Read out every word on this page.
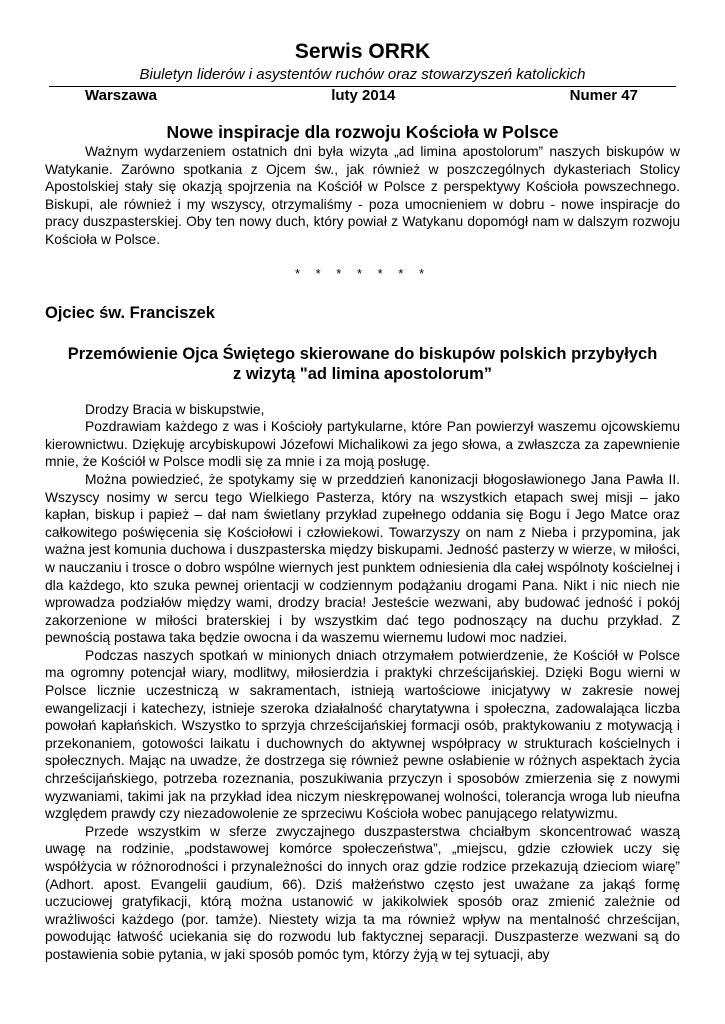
Serwis ORRK
Biuletyn liderów i asystentów ruchów oraz stowarzyszeń katolickich
Warszawa	luty 2014	Numer 47
Nowe inspiracje dla rozwoju Kościoła w Polsce

Ważnym wydarzeniem ostatnich dni była wizyta „ad limina apostolorum” naszych biskupów w Watykanie. Zarówno spotkania z Ojcem św., jak również w poszczególnych dykasteriach Stolicy Apostolskiej stały się okazją spojrzenia na Kościół w Polsce z perspektywy Kościoła powszechnego. Biskupi, ale również i my wszyscy, otrzymaliśmy - poza umocnieniem w dobru - nowe inspiracje do pracy duszpasterskiej. Oby ten nowy duch, który powiał z Watykanu dopomógł nam w dalszym rozwoju Kościoła w Polsce.

* * * * * * *
Ojciec św. Franciszek
Przemówienie Ojca Świętego skierowane do biskupów polskich przybyłych
z wizytą "ad limina apostolorum”

Drodzy Bracia w biskupstwie,

Pozdrawiam każdego z was i Kościoły partykularne, które Pan powierzył waszemu ojcowskiemu kierownictwu. Dziękuję arcybiskupowi Józefowi Michalikowi za jego słowa, a zwłaszcza za zapewnienie mnie, że Kościół w Polsce modli się za mnie i za moją posługę.

Można powiedzieć, że spotykamy się w przeddzień kanonizacji błogosławionego Jana Pawła II. Wszyscy nosimy w sercu tego Wielkiego Pasterza, który na wszystkich etapach swej misji – jako kapłan, biskup i papież – dał nam świetlany przykład zupełnego oddania się Bogu i Jego Matce oraz całkowitego poświęcenia się Kościołowi i człowiekowi. Towarzyszy on nam z Nieba i przypomina, jak ważna jest komunia duchowa i duszpasterska między biskupami. Jedność pasterzy w wierze, w miłości, w nauczaniu i trosce o dobro wspólne wiernych jest punktem odniesienia dla całej wspólnoty kościelnej i dla każdego, kto szuka pewnej orientacji w codziennym podążaniu drogami Pana. Nikt i nic niech nie wprowadza podziałów między wami, drodzy bracia! Jesteście wezwani, aby budować jedność i pokój zakorzenione w miłości braterskiej i by wszystkim dać tego podnoszący na duchu przykład. Z pewnością postawa taka będzie owocna i da waszemu wiernemu ludowi moc nadziei.

Podczas naszych spotkań w minionych dniach otrzymałem potwierdzenie, że Kościół w Polsce ma ogromny potencjał wiary, modlitwy, miłosierdzia i praktyki chrześcijańskiej. Dzięki Bogu wierni w Polsce licznie uczestniczą w sakramentach, istnieją wartościowe inicjatywy w zakresie nowej ewangelizacji i katechezy, istnieje szeroka działalność charytatywna i społeczna, zadowalająca liczba powołań kapłańskich. Wszystko to sprzyja chrześcijańskiej formacji osób, praktykowaniu z motywacją i przekonaniem, gotowości laikatu i duchownych do aktywnej współpracy w strukturach kościelnych i społecznych. Mając na uwadze, że dostrzega się również pewne osłabienie w różnych aspektach życia chrześcijańskiego, potrzeba rozeznania, poszukiwania przyczyn i sposobów zmierzenia się z nowymi wyzwaniami, takimi jak na przykład idea niczym nieskrępowanej wolności, tolerancja wroga lub nieufna względem prawdy czy niezadowolenie ze sprzeciwu Kościoła wobec panującego relatywizmu.

Przede wszystkim w sferze zwyczajnego duszpasterstwa chciałbym skoncentrować waszą uwagę na rodzinie, „podstawowej komórce społeczeństwa”, „miejscu, gdzie człowiek uczy się współżycia w różnorodności i przynależności do innych oraz gdzie rodzice przekazują dzieciom wiarę” (Adhort. apost. Evangelii gaudium, 66). Dziś małżeństwo często jest uważane za jakąś formę uczuciowej gratyfikacji, którą można ustanowić w jakikolwiek sposób oraz zmienić zależnie od wrażliwości każdego (por. tamże). Niestety wizja ta ma również wpływ na mentalność chrześcijan, powodując łatwość uciekania się do rozwodu lub faktycznej separacji. Duszpasterze wezwani są do postawienia sobie pytania, w jaki sposób pomóc tym, którzy żyją w tej sytuacji, aby
